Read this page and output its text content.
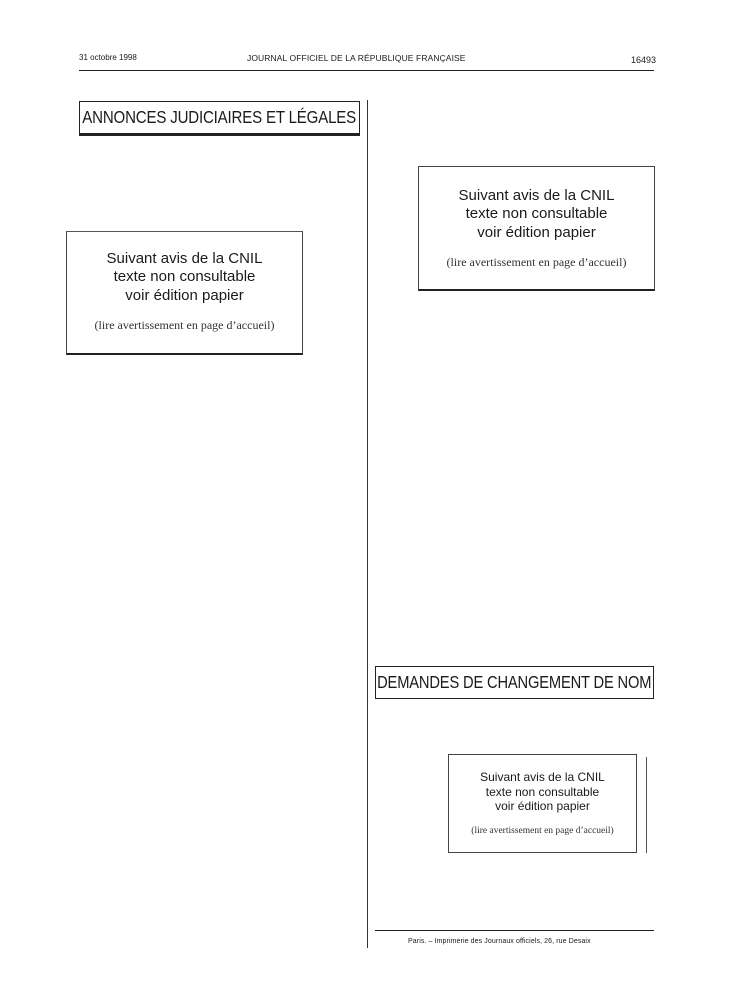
31 octobre 1998	JOURNAL OFFICIEL DE LA RÉPUBLIQUE FRANÇAISE	16493
ANNONCES JUDICIAIRES ET LÉGALES
Suivant avis de la CNIL
texte non consultable
voir édition papier
(lire avertissement en page d’accueil)
Suivant avis de la CNIL
texte non consultable
voir édition papier
(lire avertissement en page d’accueil)
DEMANDES DE CHANGEMENT DE NOM
Suivant avis de la CNIL
texte non consultable
voir édition papier
(lire avertissement en page d’accueil)
Paris. – Imprimerie des Journaux officiels, 26, rue Desaix
